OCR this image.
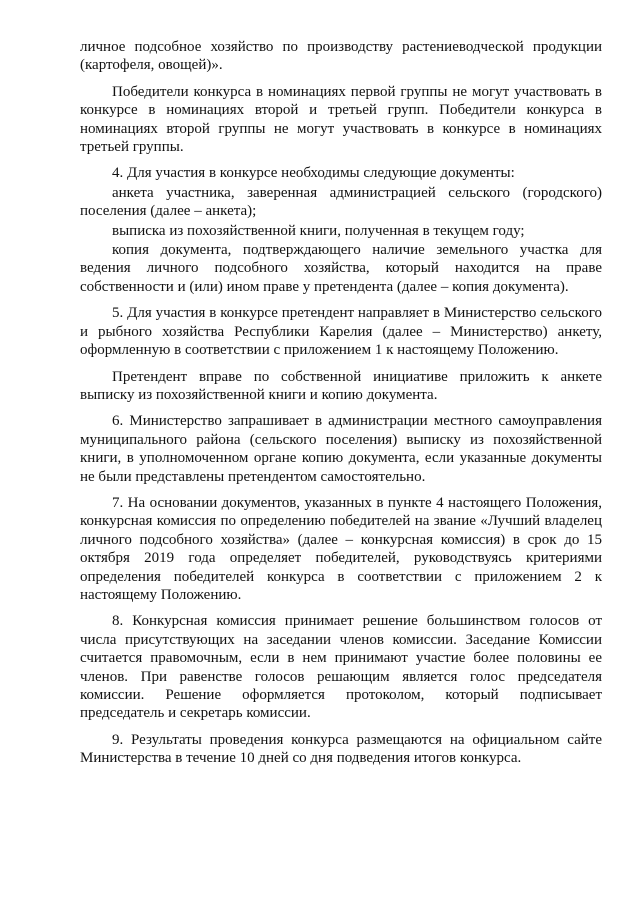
личное подсобное хозяйство по производству растениеводческой продукции (картофеля, овощей)».

Победители конкурса в номинациях первой группы не могут участвовать в конкурсе в номинациях второй и третьей групп. Победители конкурса в номинациях второй группы не могут участвовать в конкурсе в номинациях третьей группы.

4. Для участия в конкурсе необходимы следующие документы:

анкета участника, заверенная администрацией сельского (городского) поселения (далее – анкета);

выписка из похозяйственной книги, полученная в текущем году;

копия документа, подтверждающего наличие земельного участка для ведения личного подсобного хозяйства, который находится на праве собственности и (или) ином праве у претендента (далее – копия документа).

5. Для участия в конкурсе претендент направляет в Министерство сельского и рыбного хозяйства Республики Карелия (далее – Министерство) анкету, оформленную в соответствии с приложением 1 к настоящему Положению.

Претендент вправе по собственной инициативе приложить к анкете выписку из похозяйственной книги и копию документа.

6. Министерство запрашивает в администрации местного самоуправления муниципального района (сельского поселения) выписку из похозяйственной книги, в уполномоченном органе копию документа, если указанные документы не были представлены претендентом самостоятельно.

7. На основании документов, указанных в пункте 4 настоящего Положения, конкурсная комиссия по определению победителей на звание «Лучший владелец личного подсобного хозяйства» (далее – конкурсная комиссия) в срок до 15 октября 2019 года определяет победителей, руководствуясь критериями определения победителей конкурса в соответствии с приложением 2 к настоящему Положению.

8. Конкурсная комиссия принимает решение большинством голосов от числа присутствующих на заседании членов комиссии. Заседание Комиссии считается правомочным, если в нем принимают участие более половины ее членов. При равенстве голосов решающим является голос председателя комиссии. Решение оформляется протоколом, который подписывает председатель и секретарь комиссии.

9. Результаты проведения конкурса размещаются на официальном сайте Министерства в течение 10 дней со дня подведения итогов конкурса.
